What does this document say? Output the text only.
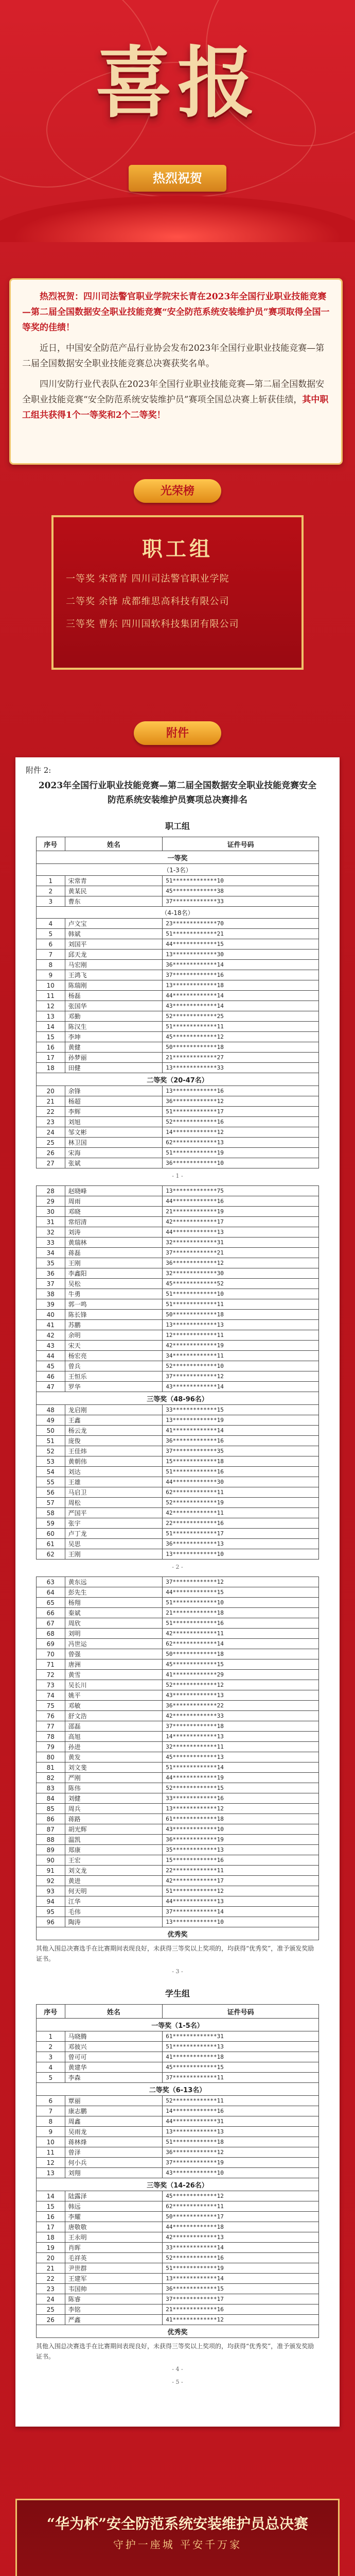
喜报
热烈祝贺

热烈祝贺：四川司法警官职业学院宋长青在2023年全国行业职业技能竞赛—第二届全国数据安全职业技能竞赛“安全防范系统安装维护员”赛项取得全国一等奖的佳绩！

近日，中国安全防范产品行业协会发布2023年全国行业职业技能竞赛—第二届全国数据安全职业技能竞赛总决赛获奖名单。

四川安防行业代表队在2023年全国行业职业技能竞赛—第二届全国数据安全职业技能竞赛“安全防范系统安装维护员”赛项全国总决赛上斩获佳绩，其中职工组共获得1个一等奖和2个二等奖！

光荣榜
职工组
一等奖 宋常青 四川司法警官职业学院
二等奖 余锋 成都维思高科技有限公司
三等奖 曹东 四川国软科技集团有限公司
附件
附件 2:
2023年全国行业职业技能竞赛—第二届全国数据安全职业技能竞赛安全防范系统安装维护员赛项总决赛排名
职工组
序号	姓名	证件号码
一等奖		
（1-3名）		
1	宋常青	51*************10
2	黄某民	45*************38
3	曹东	37*************33
（4-18名）		
4	卢文宝	23*************70
5	韩斌	51*************21
6	刘国平	44*************15
7	邱天龙	13*************30
8	马宏刚	36*************14
9	王鸿飞	37*************16
10	陈瑞刚	13*************18
11	杨磊	44*************14
12	张国华	43*************14
13	邓勤	52*************25
14	陈汉生	51*************11
15	李坤	45*************12
16	黄健	50*************18
17	孙梦丽	21*************27
18	田健	13*************33
二等奖（20-47名）		
20	余锋	13*************16
21	杨超	36*************12
22	李辉	51*************17
23	刘旭	52*************16
24	邹文彬	14*************12
25	林卫国	62*************13
26	宋海	51*************19
27	张斌	36*************10
- 1 -
28	赵晓峰	13*************75
29	周雨	44*************16
30	邓晓	21*************19
31	常绍清	42*************17
32	刘涛	44*************13
33	黄瑞林	32*************31
34	蒋磊	37*************21
35	王刚	36*************12
36	李鑫阳	32*************30
37	吴松	45*************52
38	牛勇	51*************10
39	郭一鸣	51*************11
40	陈长锋	50*************18
41	苏鹏	13*************13
42	余明	12*************11
43	宋天	42*************19
44	杨宏亮	34*************11
45	曾兵	52*************10
46	王恒乐	37*************12
47	罗华	43*************14
三等奖（48-96名）		
48	龙启刚	33*************15
49	王鑫	13*************19
50	杨云龙	41*************14
51	庞俊	36*************16
52	王佳炜	37*************35
53	黄朝伟	15*************18
54	刘达	51*************16
55	王雄	44*************30
56	马启卫	62*************11
57	周松	52*************19
58	严国平	42*************11
59	张宇	22*************16
60	卢丁龙	51*************17
61	吴思	36*************13
62	王刚	13*************10
- 2 -
63	黄东远	37*************12
64	彭先生	44*************15
65	杨翔	51*************10
66	秦斌	21*************18
67	周欣	51*************16
68	刘明	42*************11
69	冯世运	62*************14
70	曾强	50*************18
71	唐洲	45*************15
72	黄雪	41*************29
73	吴长川	52*************12
74	姚平	43*************13
75	邓敏	36*************22
76	舒文浩	42*************33
77	邵磊	37*************18
78	高旭	14*************13
79	孙进	32*************11
80	黄发	45*************13
81	刘文斐	51*************14
82	严刚	44*************19
83	陈伟	52*************15
84	刘健	33*************16
85	周兵	13*************12
86	蒋路	61*************18
87	胡光辉	43*************10
88	温凯	36*************19
89	郑康	35*************13
90	王宏	15*************16
91	刘文龙	22*************11
92	黄进	42*************17
93	何天明	51*************12
94	江华	44*************13
95	毛伟	37*************14
96	陶涛	13*************10
优秀奖		
其他入围总决赛选手在比赛期间表现良好，未获得三等奖以上奖项的，均获得“优秀奖”，准予颁发奖励证书。
- 3 -
学生组
序号	姓名	证件号码
一等奖（1-5名）		
1	马晓腾	61*************31
2	邓彼兴	51*************13
3	曾可可	41*************18
4	黄建华	45*************15
5	李森	37*************11
二等奖（6-13名）		
6	覃丽	52*************11
7	康志鹏	14*************16
8	周鑫	44*************31
9	吴雨龙	13*************13
10	蒋林烽	51*************18
11	曾泽	36*************12
12	何小兵	37*************19
13	刘翔	43*************10
三等奖（14-26名）		
14	陆露泽	45*************12
15	韩远	62*************11
16	李耀	50*************17
17	唐敬敬	44*************18
18	王永明	42*************13
19	肖晖	33*************14
20	毛祥英	52*************16
21	尹世群	51*************19
22	王建军	13*************14
23	韦国帅	36*************15
24	陈睿	37*************17
25	李铭	21*************16
26	严鑫	41*************12
优秀奖		
其他入围总决赛选手在比赛期间表现良好，未获得三等奖以上奖项的，均获得“优秀奖”，准予颁发奖励证书。
- 4 -
- 5 -
“华为杯”安全防范系统安装维护员总决赛
守护一座城 平安千万家
